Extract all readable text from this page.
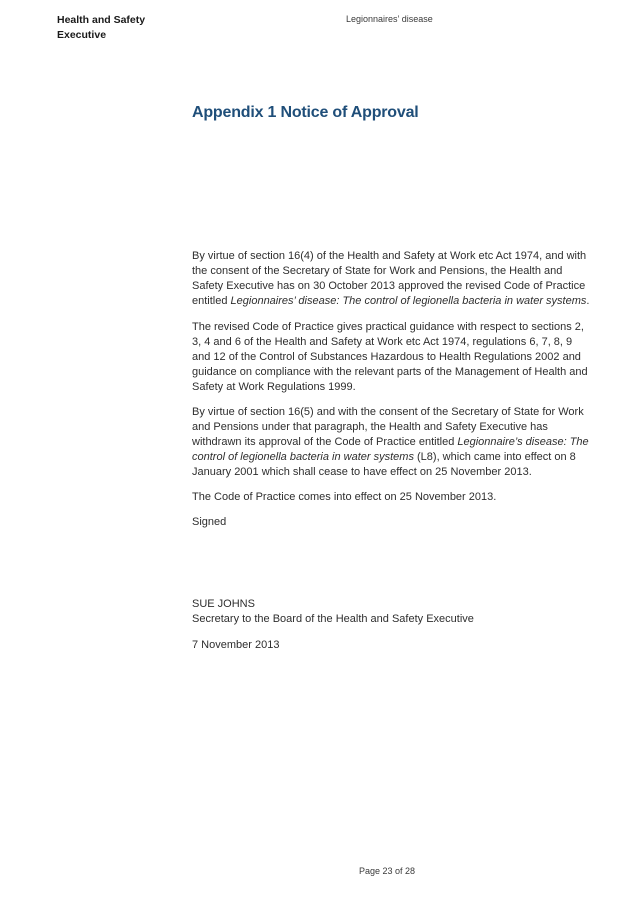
Health and Safety
Executive
Legionnaires’ disease
Appendix 1 Notice of Approval

By virtue of section 16(4) of the Health and Safety at Work etc Act 1974, and with the consent of the Secretary of State for Work and Pensions, the Health and Safety Executive has on 30 October 2013 approved the revised Code of Practice entitled Legionnaires’ disease: The control of legionella bacteria in water systems.

The revised Code of Practice gives practical guidance with respect to sections 2, 3, 4 and 6 of the Health and Safety at Work etc Act 1974, regulations 6, 7, 8, 9 and 12 of the Control of Substances Hazardous to Health Regulations 2002 and guidance on compliance with the relevant parts of the Management of Health and Safety at Work Regulations 1999.

By virtue of section 16(5) and with the consent of the Secretary of State for Work and Pensions under that paragraph, the Health and Safety Executive has withdrawn its approval of the Code of Practice entitled Legionnaire’s disease: The control of legionella bacteria in water systems (L8), which came into effect on 8 January 2001 which shall cease to have effect on 25 November 2013.

The Code of Practice comes into effect on 25 November 2013.

Signed

SUE JOHNS

Secretary to the Board of the Health and Safety Executive

7 November 2013

Page 23 of 28
